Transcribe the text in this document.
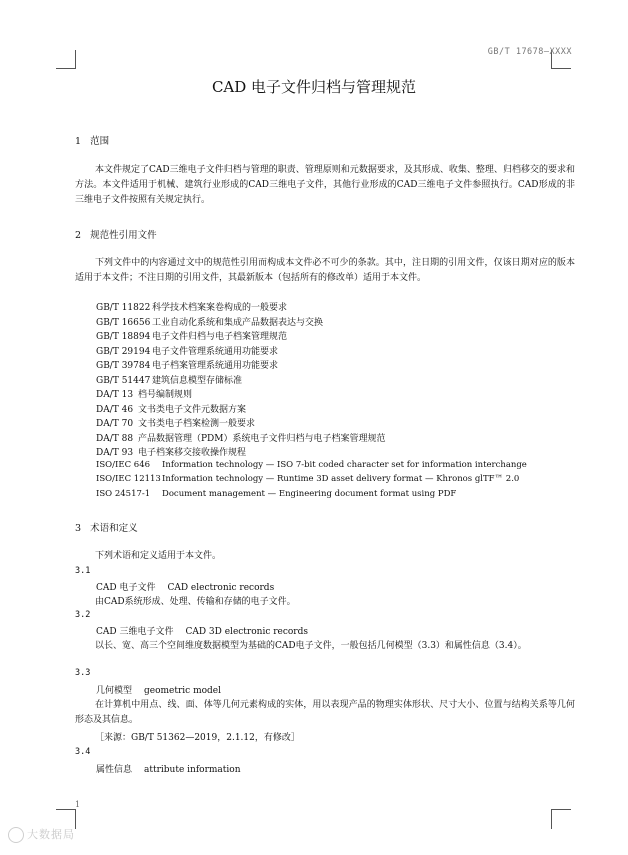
GB/T 17678—XXXX
CAD 电子文件归档与管理规范
1 范围
本文件规定了CAD三维电子文件归档与管理的职责、管理原则和元数据要求，及其形成、收集、整理、归档移交的要求和方法。本文件适用于机械、建筑行业形成的CAD三维电子文件，其他行业形成的CAD三维电子文件参照执行。CAD形成的非三维电子文件按照有关规定执行。
2 规范性引用文件
下列文件中的内容通过文中的规范性引用而构成本文件必不可少的条款。其中，注日期的引用文件，仅该日期对应的版本适用于本文件；不注日期的引用文件，其最新版本（包括所有的修改单）适用于本文件。
GB/T 11822 科学技术档案案卷构成的一般要求
GB/T 16656 工业自动化系统和集成产品数据表达与交换
GB/T 18894 电子文件归档与电子档案管理规范
GB/T 29194 电子文件管理系统通用功能要求
GB/T 39784 电子档案管理系统通用功能要求
GB/T 51447 建筑信息模型存储标准
DA/T 13 档号编制规则
DA/T 46 文书类电子文件元数据方案
DA/T 70 文书类电子档案检测一般要求
DA/T 88 产品数据管理（PDM）系统电子文件归档与电子档案管理规范
DA/T 93 电子档案移交接收操作规程
ISO/IEC 646 Information technology — ISO 7-bit coded character set for information interchange
ISO/IEC 12113Information technology — Runtime 3D asset delivery format — Khronos glTF™ 2.0
ISO 24517-1 Document management — Engineering document format using PDF
3 术语和定义
下列术语和定义适用于本文件。
3.1
CAD 电子文件 CAD electronic records
由CAD系统形成、处理、传输和存储的电子文件。
3.2
CAD 三维电子文件 CAD 3D electronic records
以长、宽、高三个空间维度数据模型为基础的CAD电子文件，一般包括几何模型（3.3）和属性信息（3.4）。
3.3
几何模型 geometric model
在计算机中用点、线、面、体等几何元素构成的实体，用以表现产品的物理实体形状、尺寸大小、位置与结构关系等几何形态及其信息。
［来源：GB/T 51362—2019，2.1.12，有修改］
3.4
属性信息 attribute information
1
大数据局
